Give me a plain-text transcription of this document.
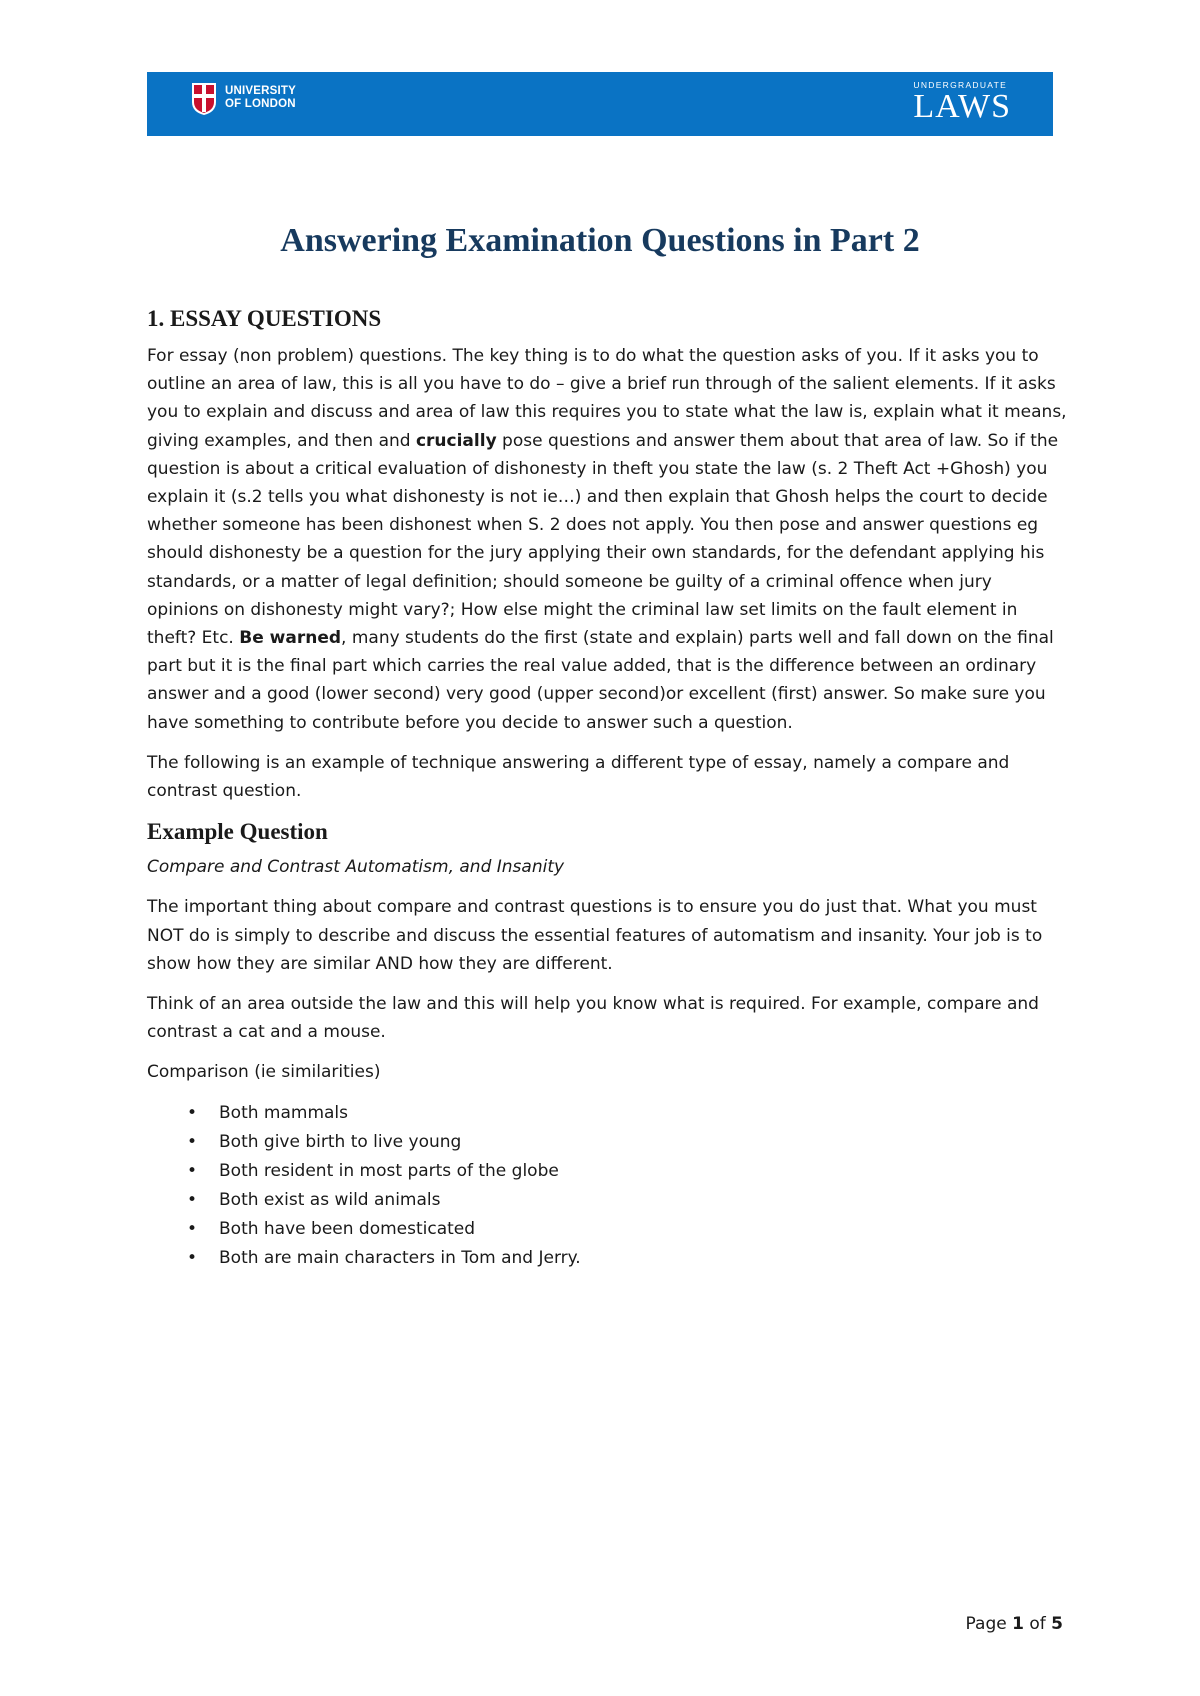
UNIVERSITY
OF LONDON
UNDERGRADUATE
LAWS
Answering Examination Questions in Part 2
1. ESSAY QUESTIONS

For essay (non problem) questions. The key thing is to do what the question asks of you. If it asks you to outline an area of law, this is all you have to do – give a brief run through of the salient elements. If it asks you to explain and discuss and area of law this requires you to state what the law is, explain what it means, giving examples, and then and crucially pose questions and answer them about that area of law. So if the question is about a critical evaluation of dishonesty in theft you state the law (s. 2 Theft Act +Ghosh) you explain it (s.2 tells you what dishonesty is not ie…) and then explain that Ghosh helps the court to decide whether someone has been dishonest when S. 2 does not apply. You then pose and answer questions eg should dishonesty be a question for the jury applying their own standards, for the defendant applying his standards, or a matter of legal definition; should someone be guilty of a criminal offence when jury opinions on dishonesty might vary?; How else might the criminal law set limits on the fault element in theft? Etc. Be warned, many students do the first (state and explain) parts well and fall down on the final part but it is the final part which carries the real value added, that is the difference between an ordinary answer and a good (lower second) very good (upper second)or excellent (first) answer. So make sure you have something to contribute before you decide to answer such a question.

The following is an example of technique answering a different type of essay, namely a compare and contrast question.

Example Question

Compare and Contrast Automatism, and Insanity

The important thing about compare and contrast questions is to ensure you do just that. What you must NOT do is simply to describe and discuss the essential features of automatism and insanity. Your job is to show how they are similar AND how they are different.

Think of an area outside the law and this will help you know what is required. For example, compare and contrast a cat and a mouse.

Comparison (ie similarities)

• Both mammals
• Both give birth to live young
• Both resident in most parts of the globe
• Both exist as wild animals
• Both have been domesticated
• Both are main characters in Tom and Jerry.
Page 1 of 5
